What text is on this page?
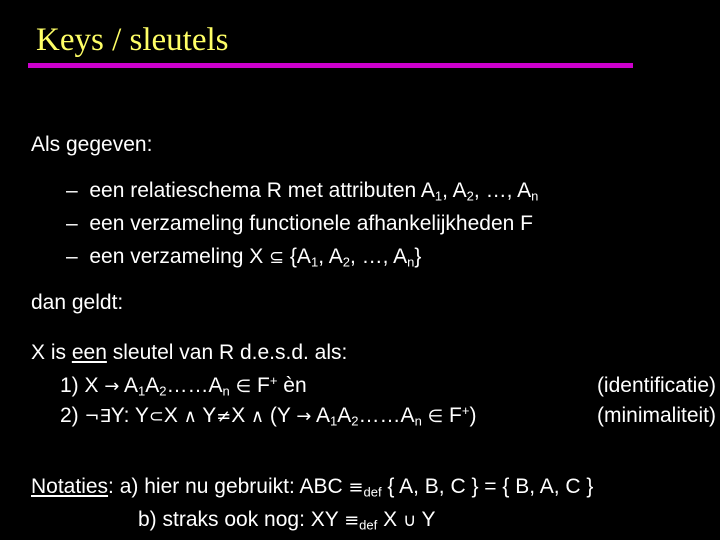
Keys / sleutels
Als gegeven:
– een relatieschema R met attributen $A_1$, $A_2$, …, $A_n$
– een verzameling functionele afhankelijkheden F
– een verzameling X ⊆ {$A_1$, $A_2$, …, $A_n$}
dan geldt:
X is een sleutel van R d.e.s.d. als:
1) $X \to A_1A_2\dots\dots A_n$ ∈ F+ èn	(identificatie)
2) ¬∃Y: Y⊂X ∧ Y≠X ∧ ($Y \to A_1A_2\dots\dots A_n$ ∈ F+)	(minimaliteit)
Notaties: a) hier nu gebruikt: ABC $\equiv_{def}$ { A, B, C } = { B, A, C }
b) straks ook nog: XY $\equiv_{def}$ X ∪ Y
